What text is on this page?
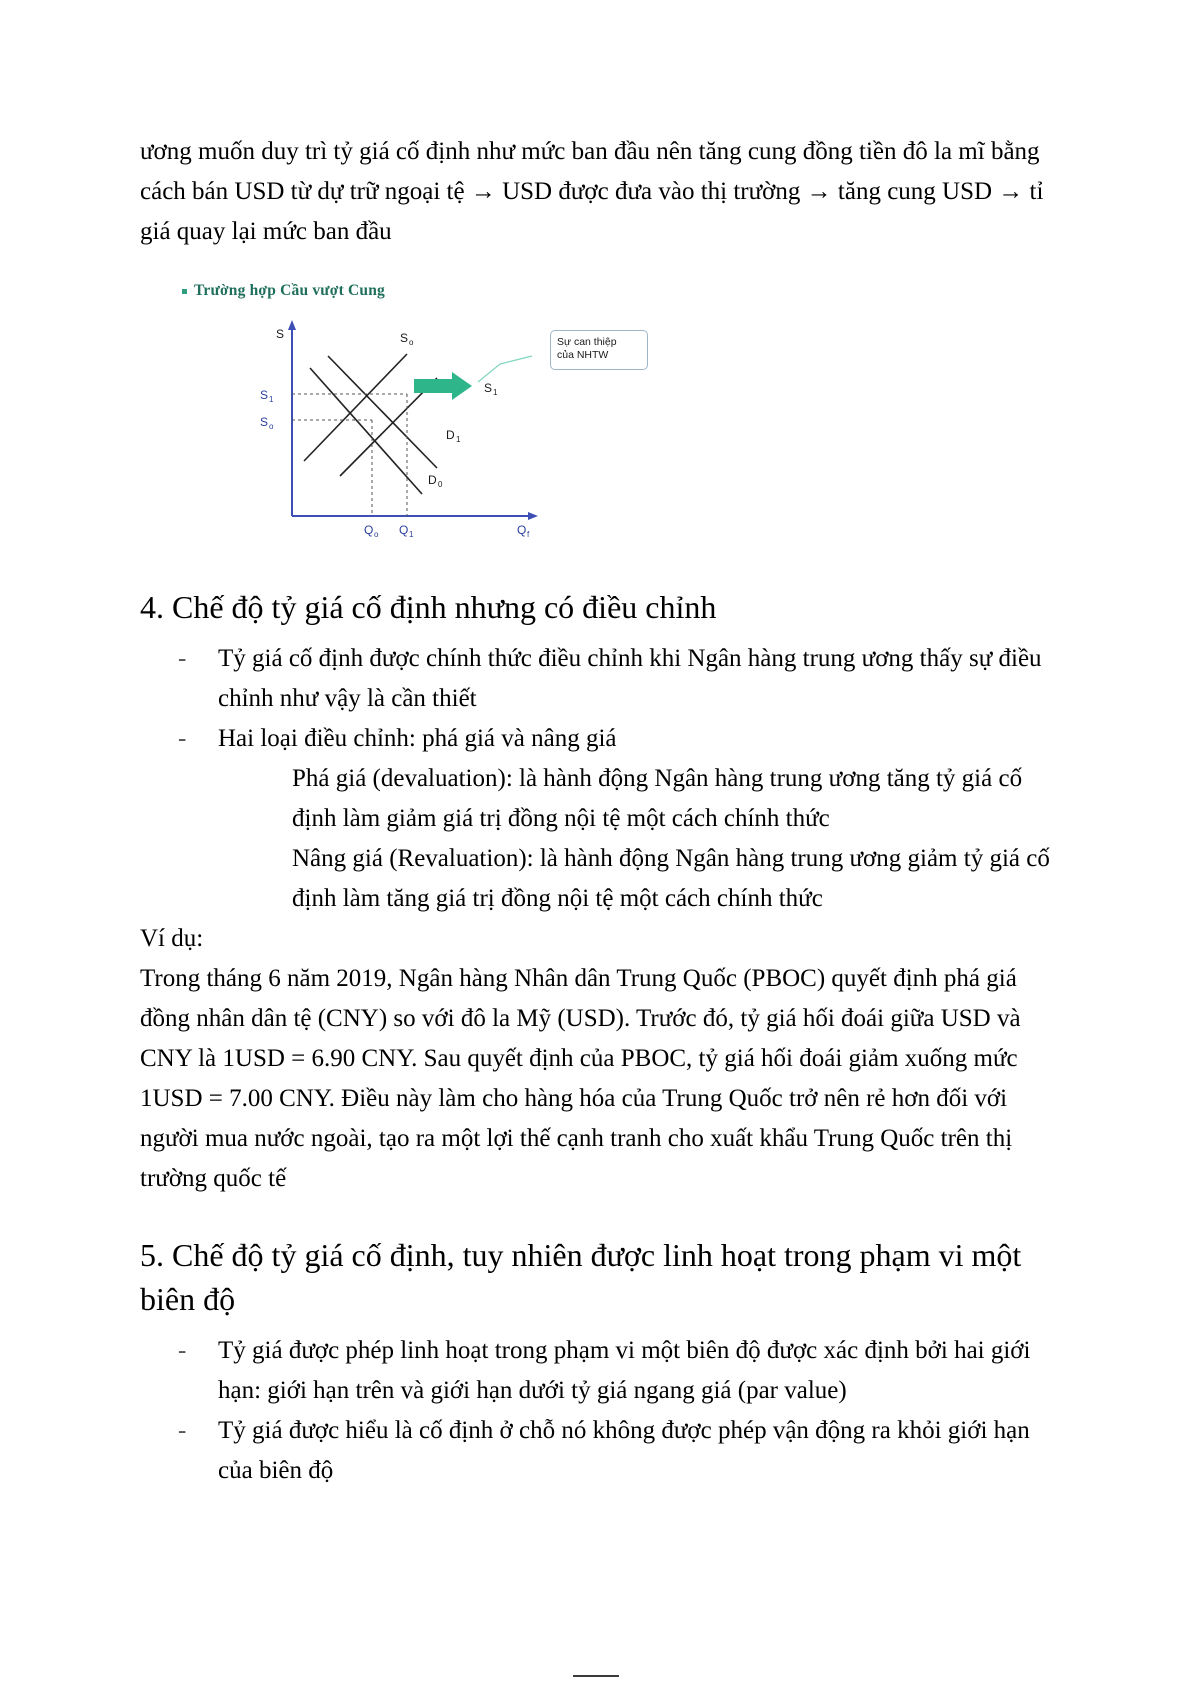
ương muốn duy trì tỷ giá cố định như mức ban đầu nên tăng cung đồng tiền đô la mĩ bằng cách bán USD từ dự trữ ngoại tệ → USD được đưa vào thị trường → tăng cung USD → tỉ giá quay lại mức ban đầu

Trường hợp Cầu vượt Cung
S	S o
S 1
S 1
S o
D 1
D 0
Q o Q 1	Q f
Sự can thiệp
của NHTW
4. Chế độ tỷ giá cố định nhưng có điều chỉnh
- Tỷ giá cố định được chính thức điều chỉnh khi Ngân hàng trung ương thấy sự điều chỉnh như vậy là cần thiết
- Hai loại điều chỉnh: phá giá và nâng giá

Phá giá (devaluation): là hành động Ngân hàng trung ương tăng tỷ giá cố định làm giảm giá trị đồng nội tệ một cách chính thức

Nâng giá (Revaluation): là hành động Ngân hàng trung ương giảm tỷ giá cố định làm tăng giá trị đồng nội tệ một cách chính thức

Ví dụ:

Trong tháng 6 năm 2019, Ngân hàng Nhân dân Trung Quốc (PBOC) quyết định phá giá đồng nhân dân tệ (CNY) so với đô la Mỹ (USD). Trước đó, tỷ giá hối đoái giữa USD và CNY là 1USD = 6.90 CNY. Sau quyết định của PBOC, tỷ giá hối đoái giảm xuống mức 1USD = 7.00 CNY. Điều này làm cho hàng hóa của Trung Quốc trở nên rẻ hơn đối với người mua nước ngoài, tạo ra một lợi thế cạnh tranh cho xuất khẩu Trung Quốc trên thị trường quốc tế

5. Chế độ tỷ giá cố định, tuy nhiên được linh hoạt trong phạm vi một biên độ
- Tỷ giá được phép linh hoạt trong phạm vi một biên độ được xác định bởi hai giới hạn: giới hạn trên và giới hạn dưới tỷ giá ngang giá (par value)
- Tỷ giá được hiểu là cố định ở chỗ nó không được phép vận động ra khỏi giới hạn của biên độ
